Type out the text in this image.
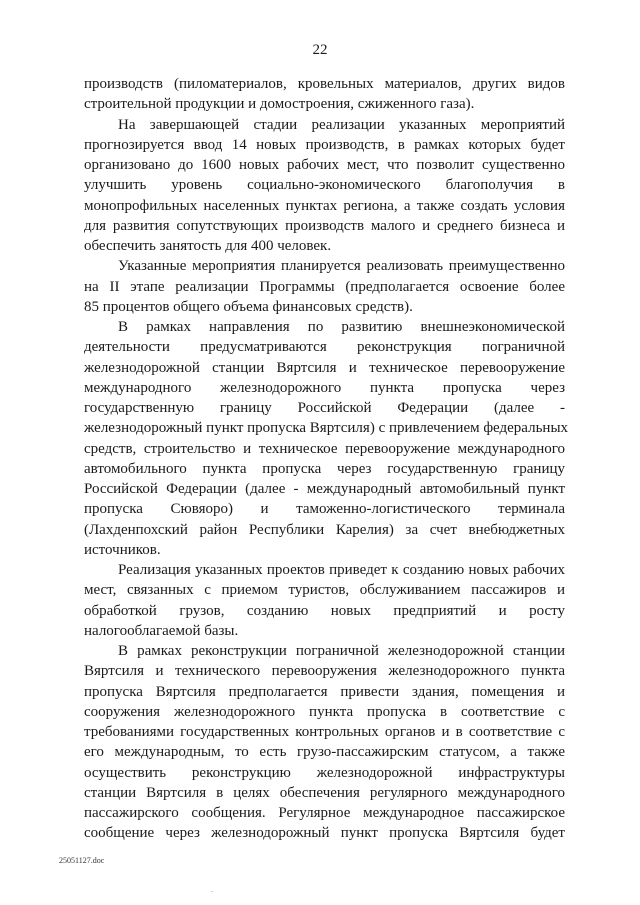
22
производств (пиломатериалов, кровельных материалов, других видов
строительной продукции и домостроения, сжиженного газа).
На завершающей стадии реализации указанных мероприятий
прогнозируется ввод 14 новых производств, в рамках которых будет
организовано до 1600 новых рабочих мест, что позволит существенно
улучшить уровень социально-экономического благополучия в
монопрофильных населенных пунктах региона, а также создать условия
для развития сопутствующих производств малого и среднего бизнеса и
обеспечить занятость для 400 человек.
Указанные мероприятия планируется реализовать преимущественно
на II этапе реализации Программы (предполагается освоение более
85 процентов общего объема финансовых средств).
В рамках направления по развитию внешнеэкономической
деятельности предусматриваются реконструкция пограничной
железнодорожной станции Вяртсиля и техническое перевооружение
международного железнодорожного пункта пропуска через
государственную границу Российской Федерации (далее -
железнодорожный пункт пропуска Вяртсиля) с привлечением федеральных
средств, строительство и техническое перевооружение международного
автомобильного пункта пропуска через государственную границу
Российской Федерации (далее - международный автомобильный пункт
пропуска Сювяоро) и таможенно-логистического терминала
(Лахденпохский район Республики Карелия) за счет внебюджетных
источников.
Реализация указанных проектов приведет к созданию новых рабочих
мест, связанных с приемом туристов, обслуживанием пассажиров и
обработкой грузов, созданию новых предприятий и росту
налогооблагаемой базы.
В рамках реконструкции пограничной железнодорожной станции
Вяртсиля и технического перевооружения железнодорожного пункта
пропуска Вяртсиля предполагается привести здания, помещения и
сооружения железнодорожного пункта пропуска в соответствие с
требованиями государственных контрольных органов и в соответствие с
его международным, то есть грузо-пассажирским статусом, а также
осуществить реконструкцию железнодорожной инфраструктуры
станции Вяртсиля в целях обеспечения регулярного международного
пассажирского сообщения. Регулярное международное пассажирское
сообщение через железнодорожный пункт пропуска Вяртсиля будет
25051127.doc
.
